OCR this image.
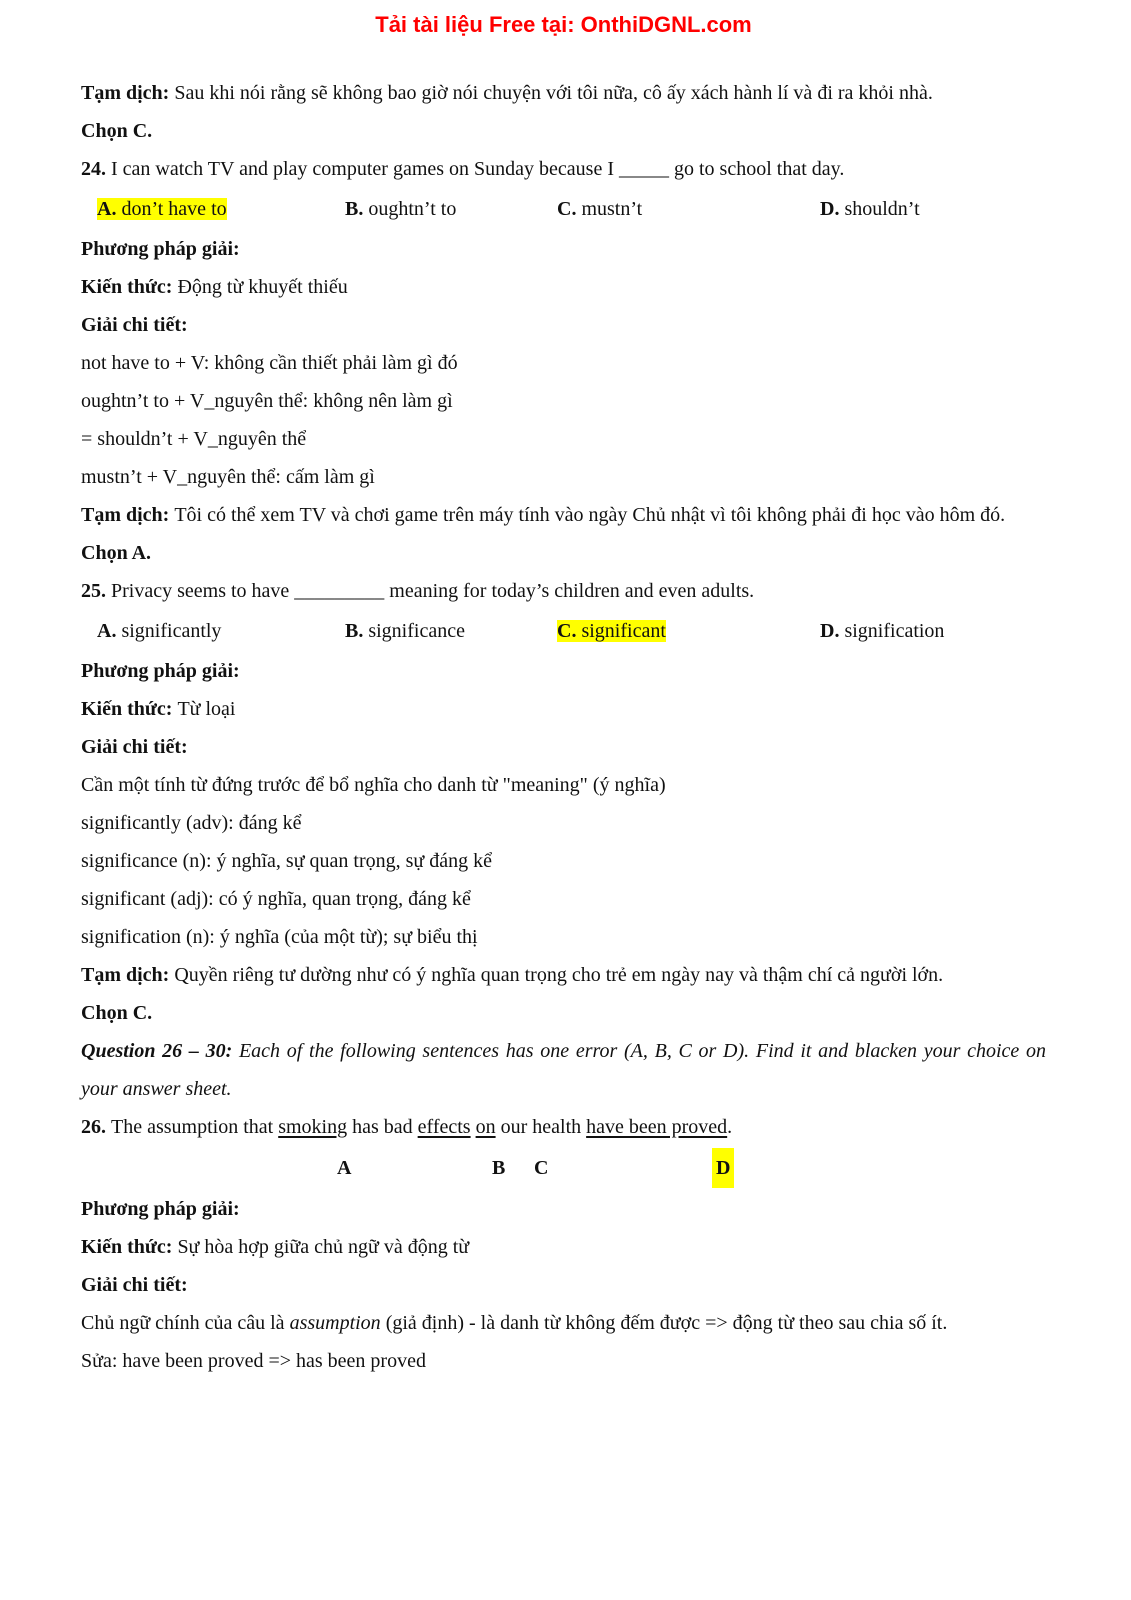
Tải tài liệu Free tại: OnthiDGNL.com

Tạm dịch: Sau khi nói rằng sẽ không bao giờ nói chuyện với tôi nữa, cô ấy xách hành lí và đi ra khỏi nhà.

Chọn C.

24. I can watch TV and play computer games on Sunday because I _____ go to school that day.

A. don’t have to	B. oughtn’t to	C. mustn’t	D. shouldn’t

Phương pháp giải:

Kiến thức: Động từ khuyết thiếu

Giải chi tiết:

not have to + V: không cần thiết phải làm gì đó

oughtn’t to + V_nguyên thể: không nên làm gì

= shouldn’t + V_nguyên thể

mustn’t + V_nguyên thể: cấm làm gì

Tạm dịch: Tôi có thể xem TV và chơi game trên máy tính vào ngày Chủ nhật vì tôi không phải đi học vào hôm đó.

Chọn A.

25. Privacy seems to have _________ meaning for today’s children and even adults.

A. significantly	B. significance	C. significant	D. signification

Phương pháp giải:

Kiến thức: Từ loại

Giải chi tiết:

Cần một tính từ đứng trước để bổ nghĩa cho danh từ "meaning" (ý nghĩa)

significantly (adv): đáng kể

significance (n): ý nghĩa, sự quan trọng, sự đáng kể

significant (adj): có ý nghĩa, quan trọng, đáng kể

signification (n): ý nghĩa (của một từ); sự biểu thị

Tạm dịch: Quyền riêng tư dường như có ý nghĩa quan trọng cho trẻ em ngày nay và thậm chí cả người lớn.

Chọn C.

Question 26 – 30: Each of the following sentences has one error (A, B, C or D). Find it and blacken your choice on your answer sheet.

26. The assumption that smoking has bad effects on our health have been proved.

A	B C	D

Phương pháp giải:

Kiến thức: Sự hòa hợp giữa chủ ngữ và động từ

Giải chi tiết:

Chủ ngữ chính của câu là assumption (giả định) - là danh từ không đếm được => động từ theo sau chia số ít.

Sửa: have been proved => has been proved
